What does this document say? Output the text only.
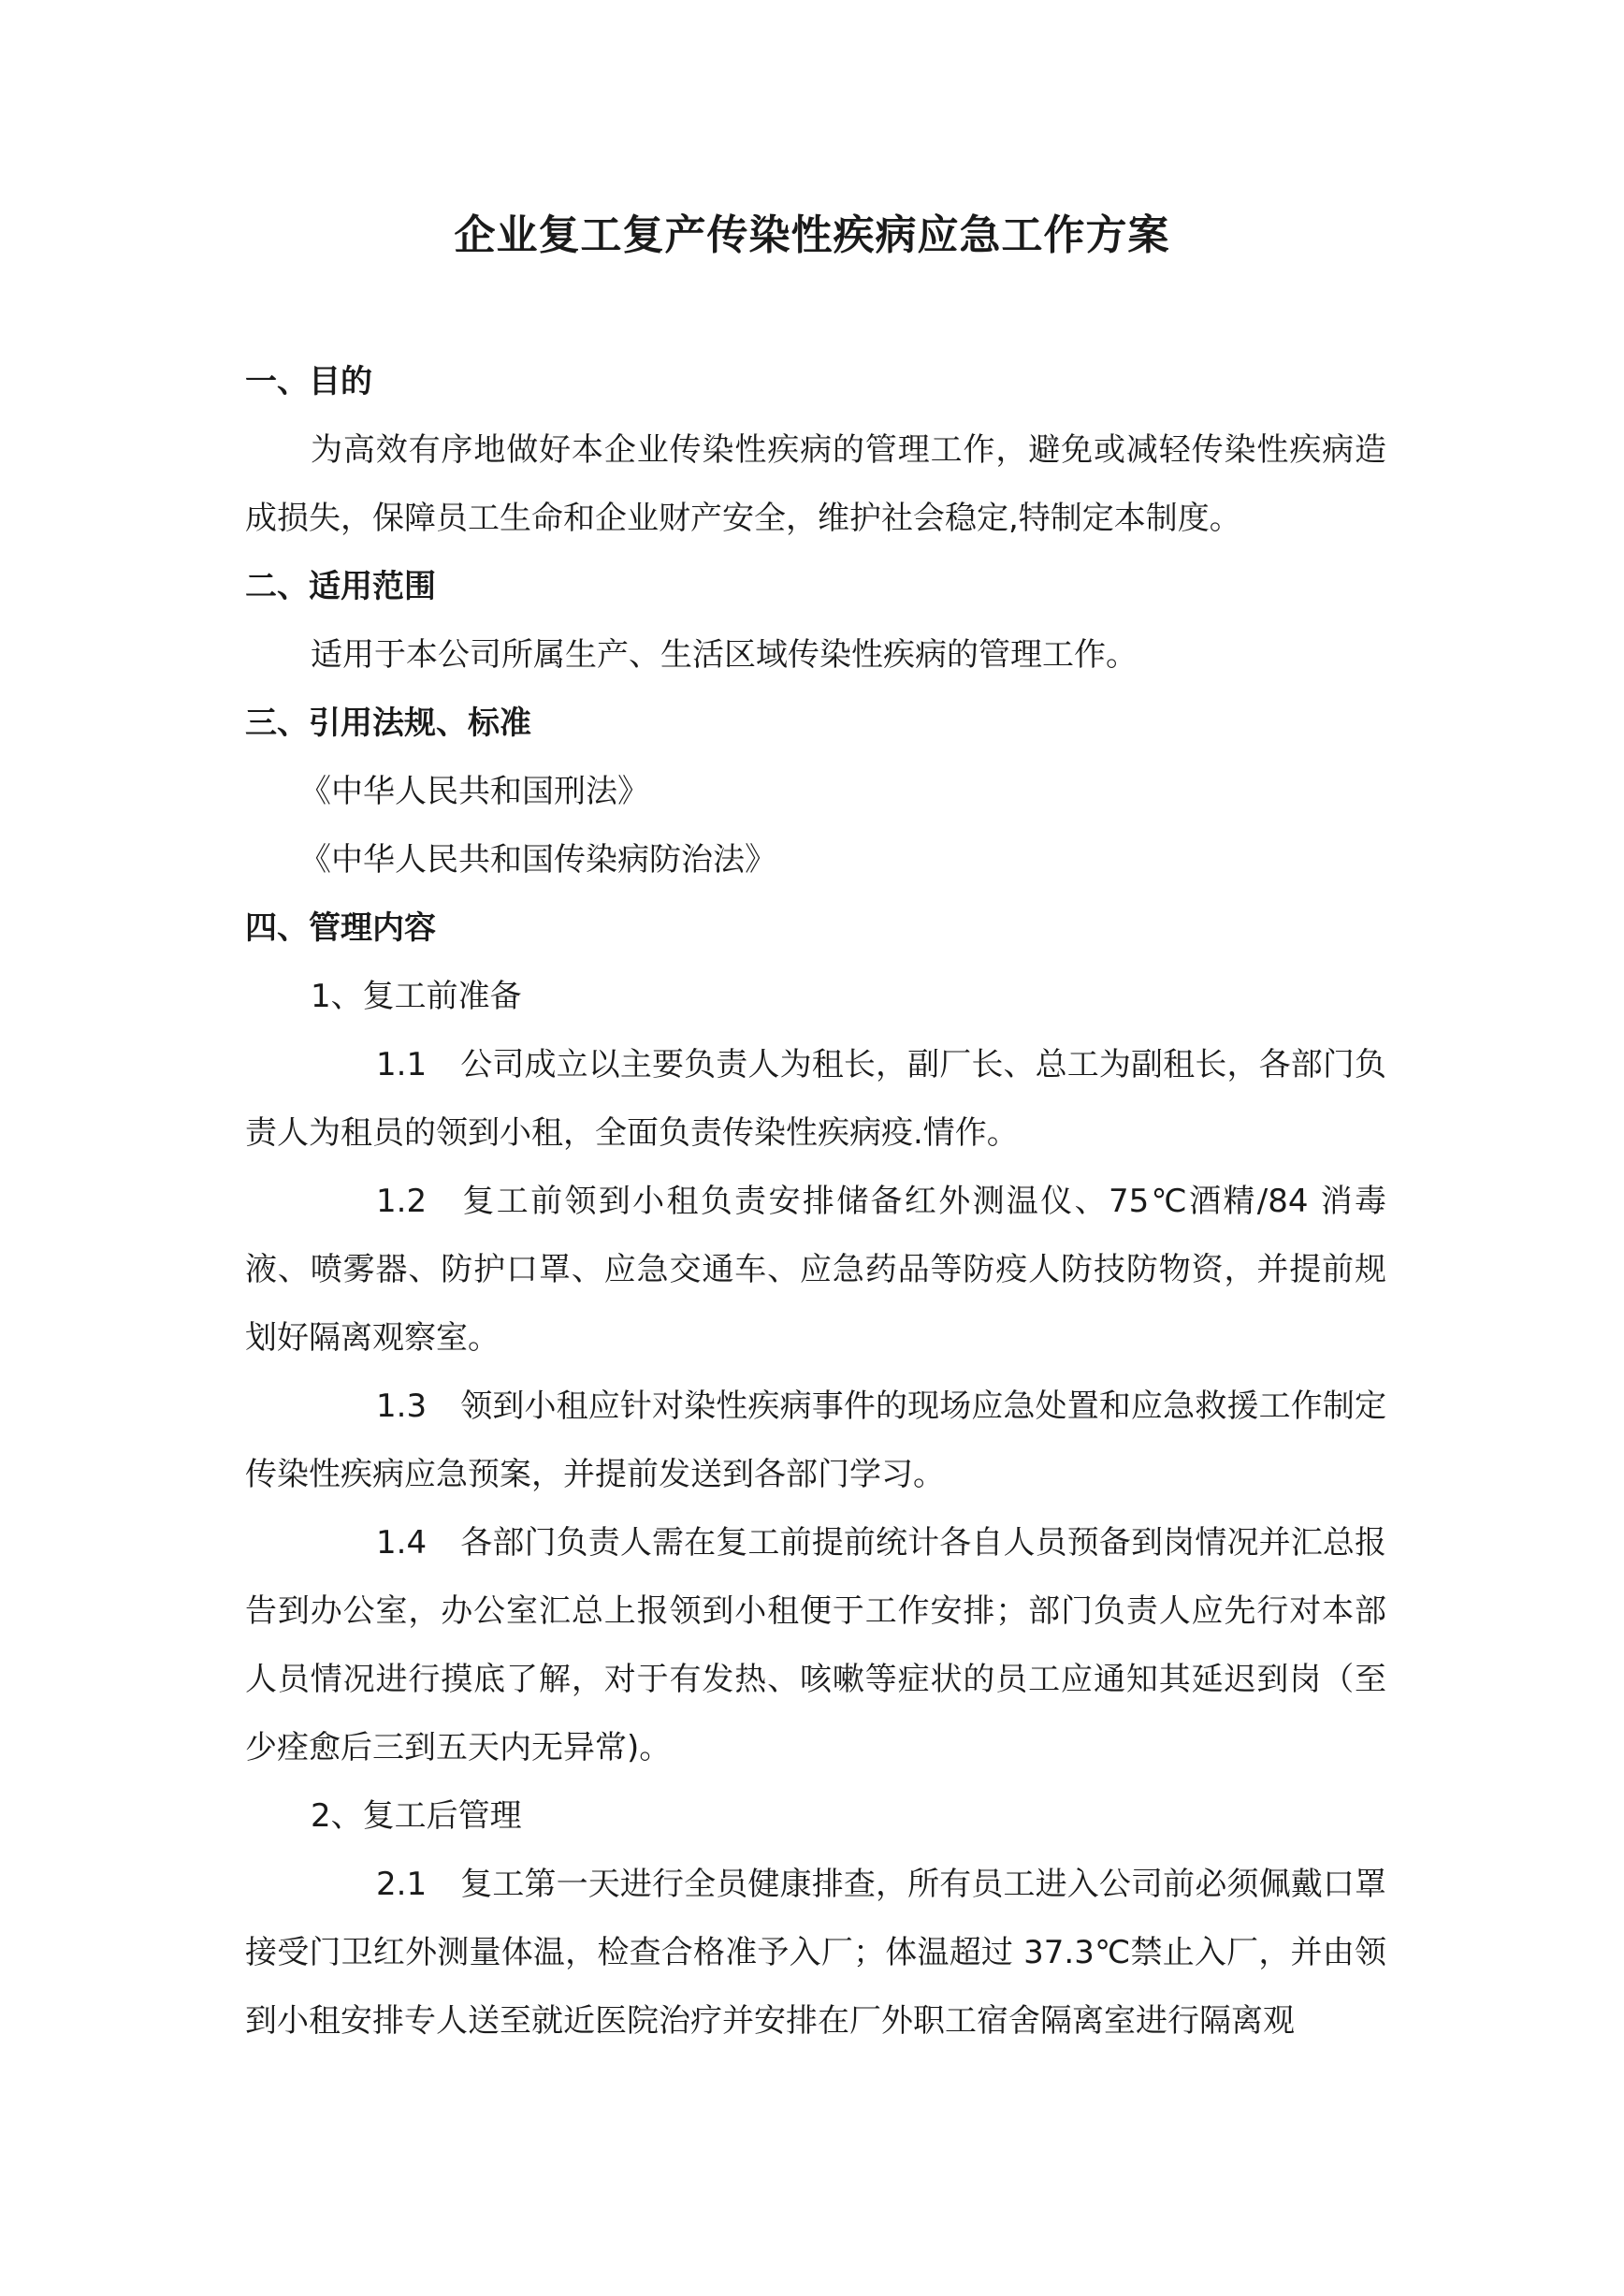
企业复工复产传染性疾病应急工作方案

一、目的

为高效有序地做好本企业传染性疾病的管理工作，避免或减轻传染性疾病造成损失，保障员工生命和企业财产安全，维护社会稳定,特制定本制度。

二、适用范围

适用于本公司所属生产、生活区域传染性疾病的管理工作。

三、引用法规、标准

《中华人民共和国刑法》

《中华人民共和国传染病防治法》

四、管理内容

1、复工前准备

1.1 公司成立以主要负责人为租长，副厂长、总工为副租长，各部门负责人为租员的领到小租，全面负责传染性疾病疫.情作。

1.2 复工前领到小租负责安排储备红外测温仪、75℃酒精/84 消毒液、喷雾器、防护口罩、应急交通车、应急药品等防疫人防技防物资，并提前规划好隔离观察室。

1.3 领到小租应针对染性疾病事件的现场应急处置和应急救援工作制定传染性疾病应急预案，并提前发送到各部门学习。

1.4 各部门负责人需在复工前提前统计各自人员预备到岗情况并汇总报告到办公室，办公室汇总上报领到小租便于工作安排；部门负责人应先行对本部人员情况进行摸底了解，对于有发热、咳嗽等症状的员工应通知其延迟到岗（至少痊愈后三到五天内无异常)。

2、复工后管理

2.1 复工第一天进行全员健康排查，所有员工进入公司前必须佩戴口罩接受门卫红外测量体温，检查合格准予入厂；体温超过 37.3℃禁止入厂，并由领到小租安排专人送至就近医院治疗并安排在厂外职工宿舍隔离室进行隔离观
